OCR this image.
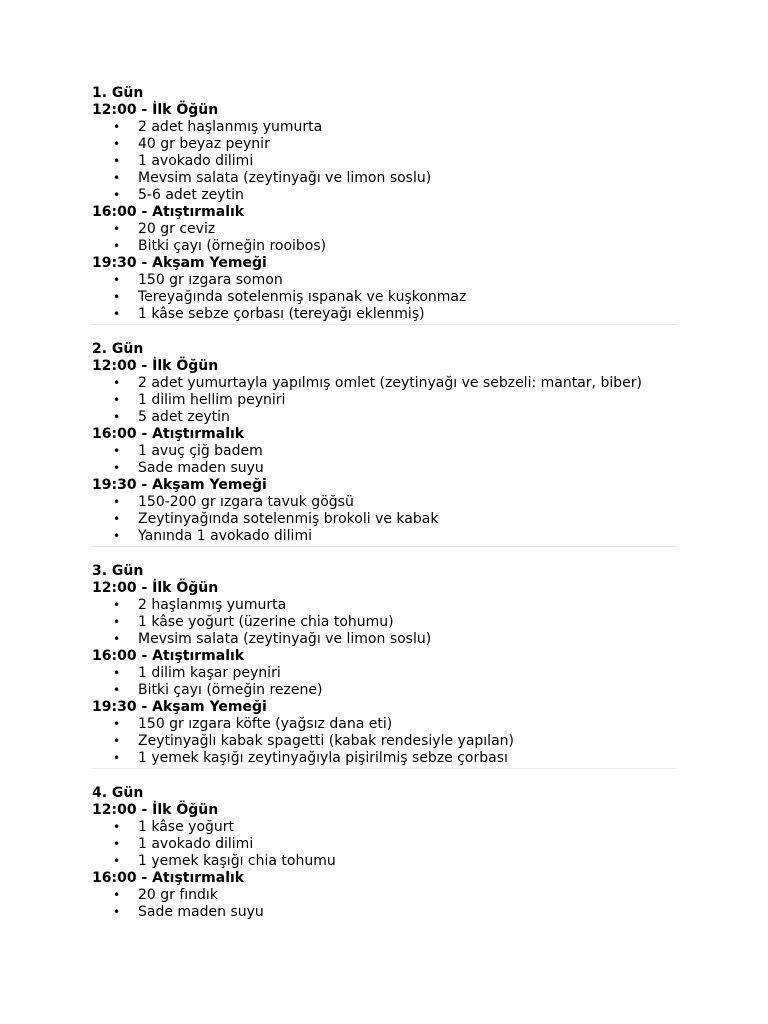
1. Gün
12:00 - İlk Öğün
• 2 adet haşlanmış yumurta
• 40 gr beyaz peynir
• 1 avokado dilimi
• Mevsim salata (zeytinyağı ve limon soslu)
• 5-6 adet zeytin
16:00 - Atıştırmalık
• 20 gr ceviz
• Bitki çayı (örneğin rooibos)
19:30 - Akşam Yemeği
• 150 gr ızgara somon
• Tereyağında sotelenmiş ıspanak ve kuşkonmaz
• 1 kâse sebze çorbası (tereyağı eklenmiş)
2. Gün
12:00 - İlk Öğün
• 2 adet yumurtayla yapılmış omlet (zeytinyağı ve sebzeli: mantar, biber)
• 1 dilim hellim peyniri
• 5 adet zeytin
16:00 - Atıştırmalık
• 1 avuç çiğ badem
• Sade maden suyu
19:30 - Akşam Yemeği
• 150-200 gr ızgara tavuk göğsü
• Zeytinyağında sotelenmiş brokoli ve kabak
• Yanında 1 avokado dilimi
3. Gün
12:00 - İlk Öğün
• 2 haşlanmış yumurta
• 1 kâse yoğurt (üzerine chia tohumu)
• Mevsim salata (zeytinyağı ve limon soslu)
16:00 - Atıştırmalık
• 1 dilim kaşar peyniri
• Bitki çayı (örneğin rezene)
19:30 - Akşam Yemeği
• 150 gr ızgara köfte (yağsız dana eti)
• Zeytinyağlı kabak spagetti (kabak rendesiyle yapılan)
• 1 yemek kaşığı zeytinyağıyla pişirilmiş sebze çorbası
4. Gün
12:00 - İlk Öğün
• 1 kâse yoğurt
• 1 avokado dilimi
• 1 yemek kaşığı chia tohumu
16:00 - Atıştırmalık
• 20 gr fındık
• Sade maden suyu
